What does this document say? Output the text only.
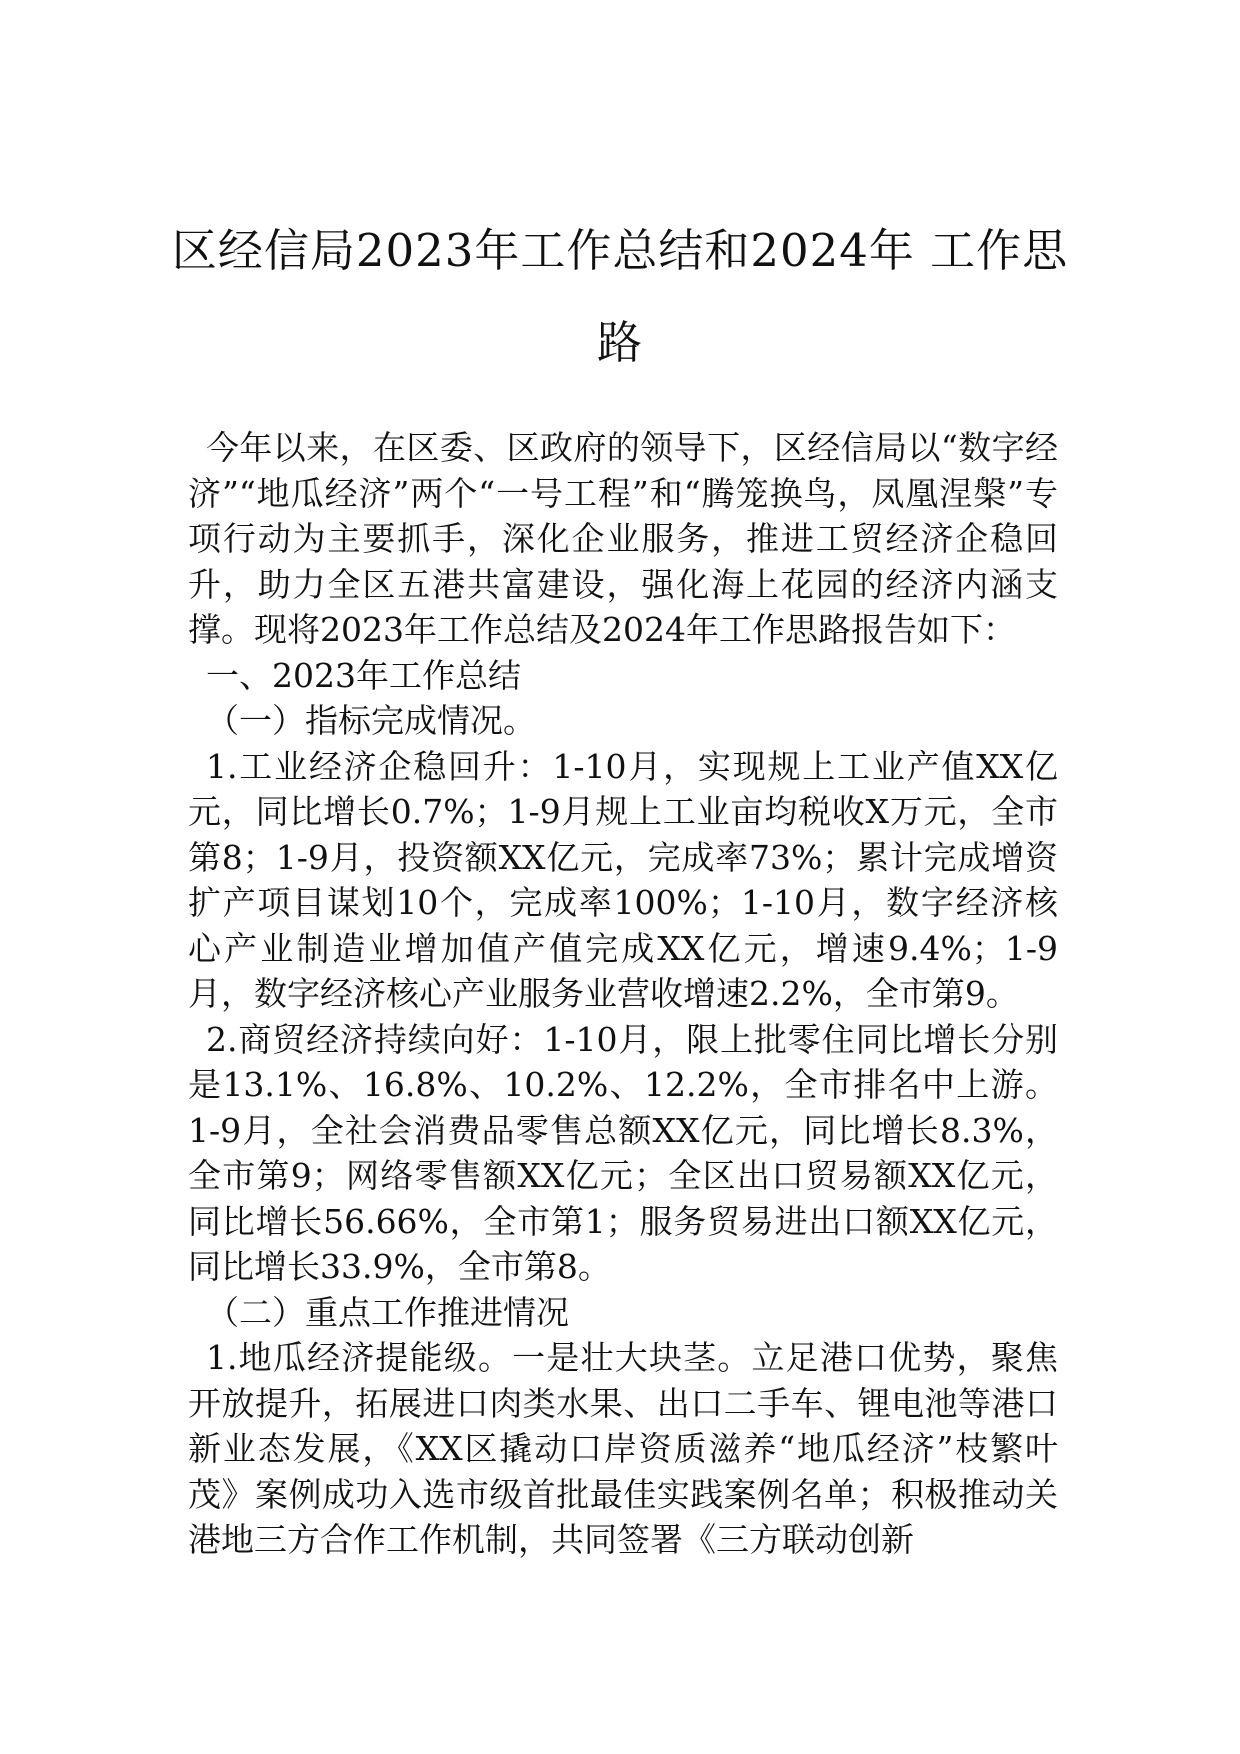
区经信局2023年工作总结和2024年 工作思路

今年以来，在区委、区政府的领导下，区经信局以“数字经济”“地瓜经济”两个“一号工程”和“腾笼换鸟，凤凰涅槃”专项行动为主要抓手，深化企业服务，推进工贸经济企稳回升，助力全区五港共富建设，强化海上花园的经济内涵支撑。现将2023年工作总结及2024年工作思路报告如下：

一、2023年工作总结

（一）指标完成情况。

1.工业经济企稳回升：1-10月，实现规上工业产值XX亿元，同比增长0.7%；1-9月规上工业亩均税收X万元，全市第8；1-9月，投资额XX亿元，完成率73%；累计完成增资扩产项目谋划10个，完成率100%；1-10月，数字经济核心产业制造业增加值产值完成XX亿元，增速9.4%；1-9月，数字经济核心产业服务业营收增速2.2%，全市第9。

2.商贸经济持续向好：1-10月，限上批零住同比增长分别是13.1%、16.8%、10.2%、12.2%，全市排名中上游。1-9月，全社会消费品零售总额XX亿元，同比增长8.3%，全市第9；网络零售额XX亿元；全区出口贸易额XX亿元，同比增长56.66%，全市第1；服务贸易进出口额XX亿元，同比增长33.9%，全市第8。

（二）重点工作推进情况

1.地瓜经济提能级。一是壮大块茎。立足港口优势，聚焦开放提升，拓展进口肉类水果、出口二手车、锂电池等港口新业态发展，《XX区撬动口岸资质滋养“地瓜经济”枝繁叶茂》案例成功入选市级首批最佳实践案例名单；积极推动关港地三方合作工作机制，共同签署《三方联动创新
